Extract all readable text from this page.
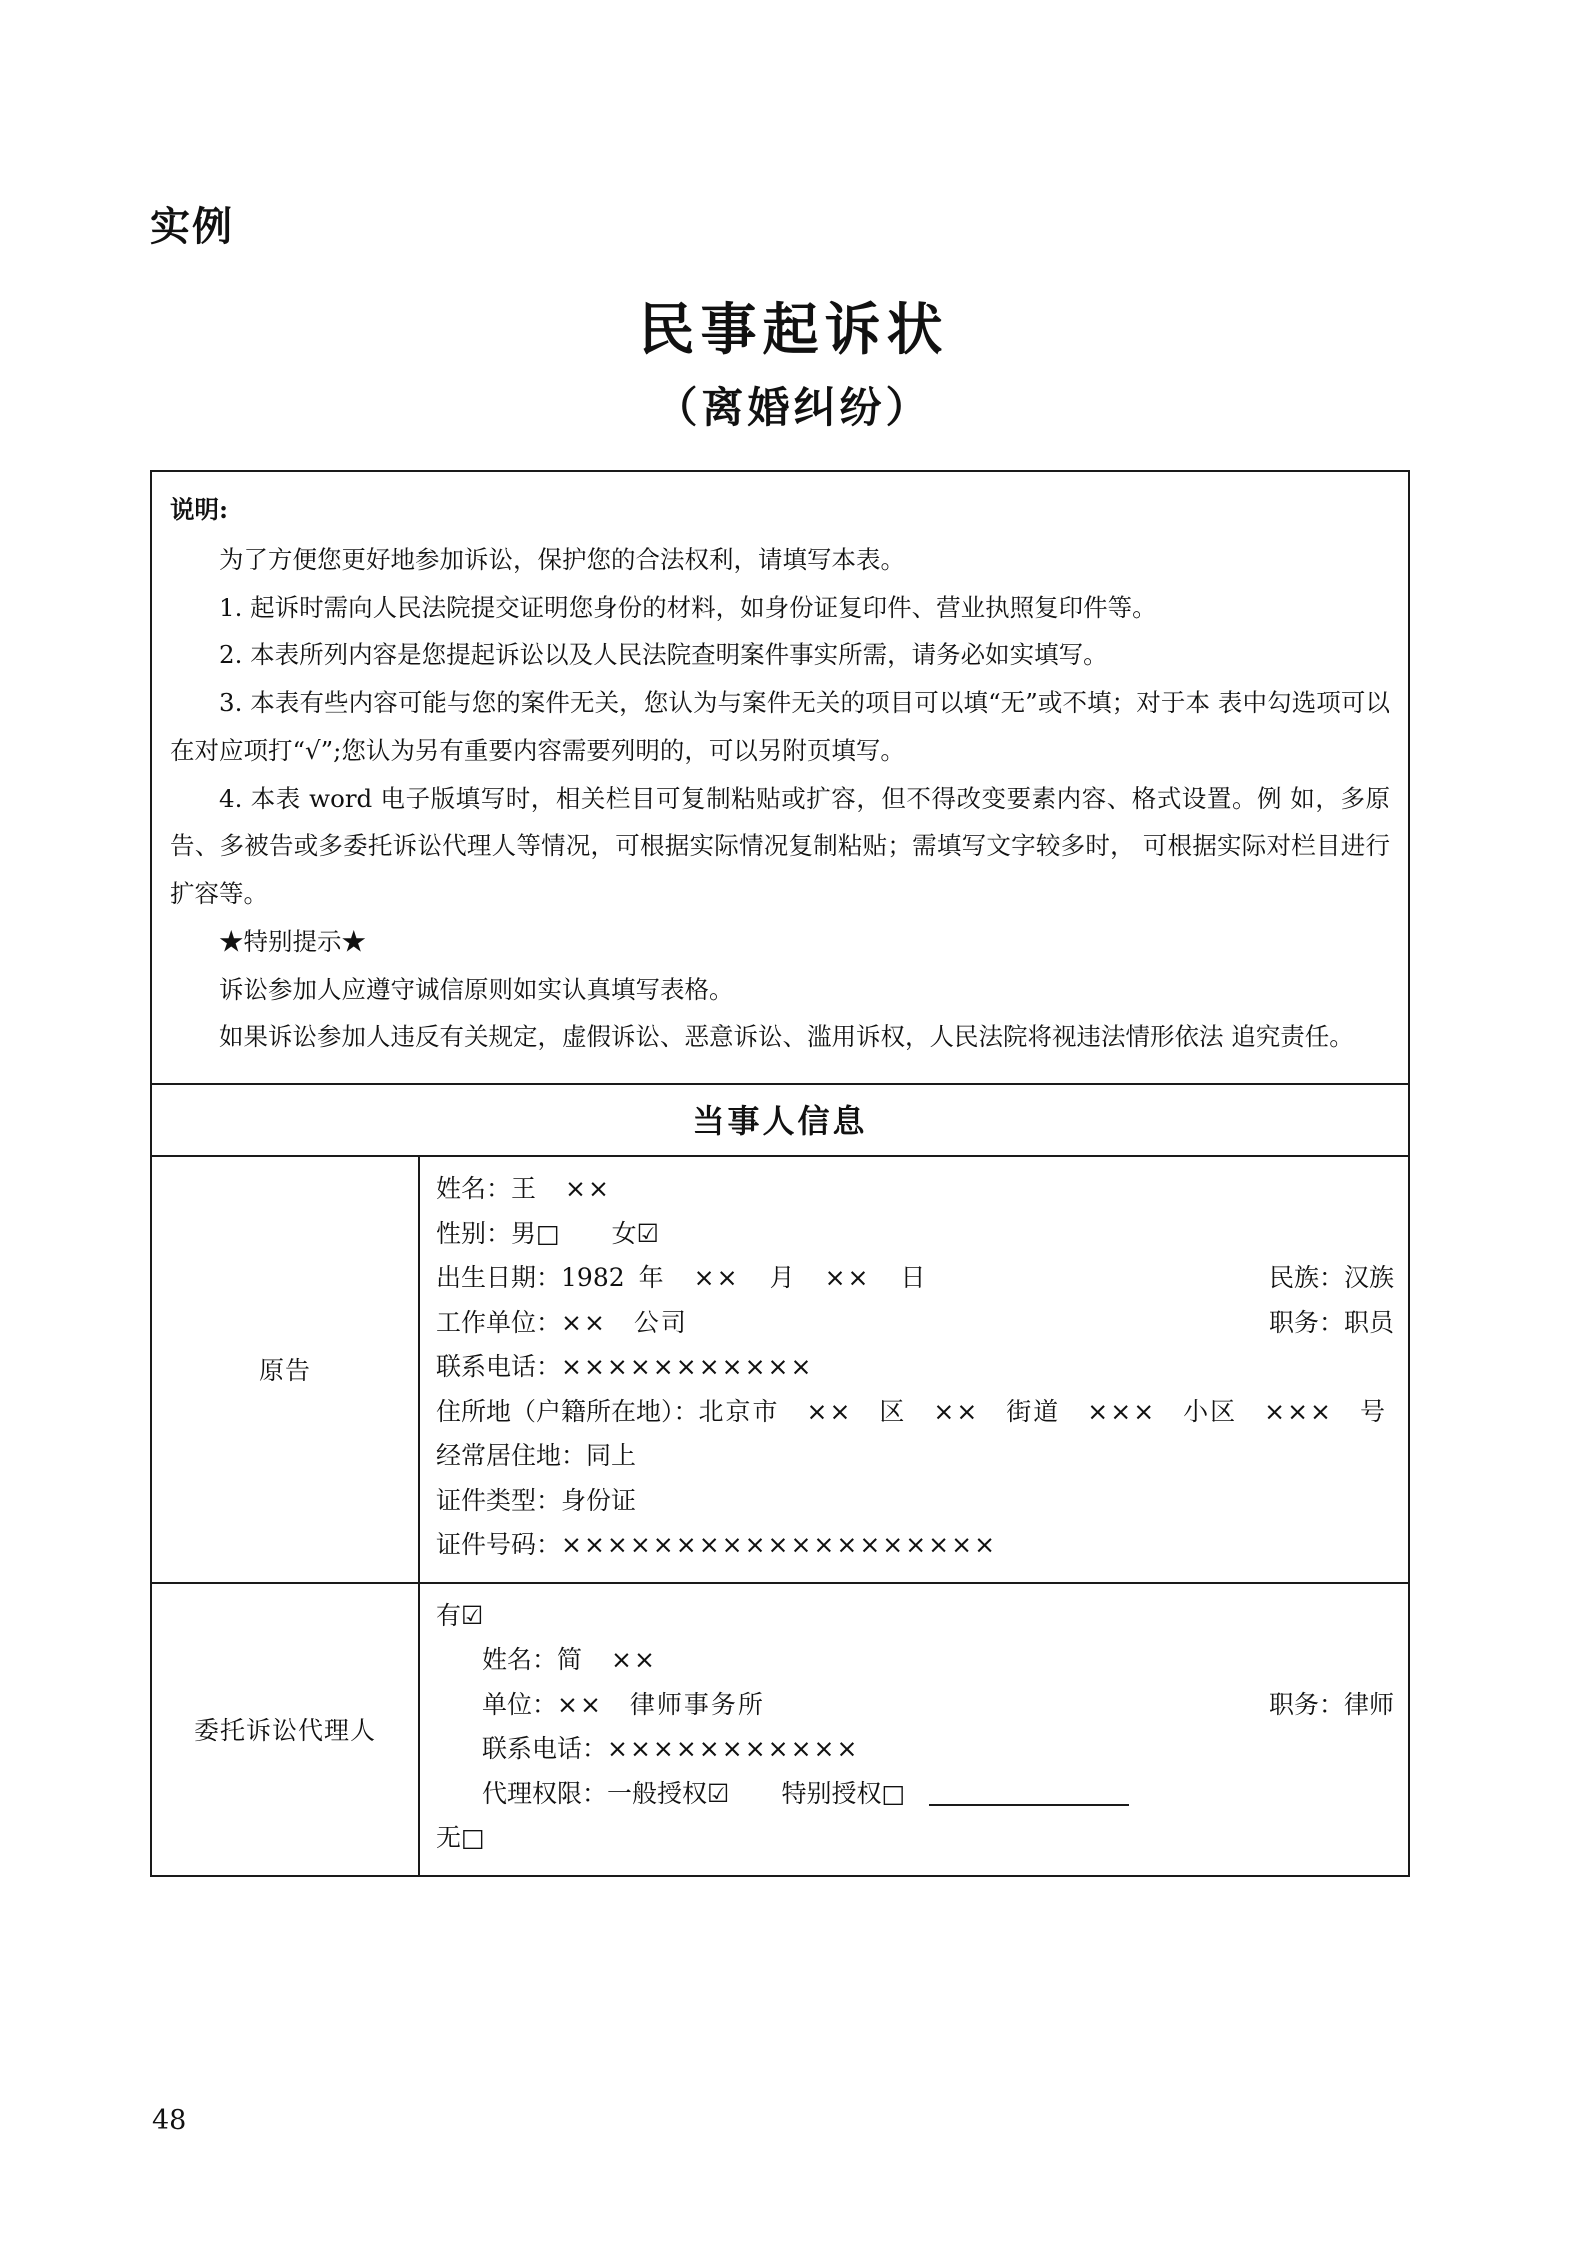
实例
民事起诉状
（离婚纠纷）

说明:

为了方便您更好地参加诉讼，保护您的合法权利，请填写本表。

1. 起诉时需向人民法院提交证明您身份的材料，如身份证复印件、营业执照复印件等。

2. 本表所列内容是您提起诉讼以及人民法院查明案件事实所需，请务必如实填写。

3. 本表有些内容可能与您的案件无关，您认为与案件无关的项目可以填“无”或不填；对于本 表中勾选项可以在对应项打“√”;您认为另有重要内容需要列明的，可以另附页填写。

4. 本表 word 电子版填写时，相关栏目可复制粘贴或扩容，但不得改变要素内容、格式设置。例 如，多原告、多被告或多委托诉讼代理人等情况，可根据实际情况复制粘贴；需填写文字较多时， 可根据实际对栏目进行扩容等。

★特别提示★

诉讼参加人应遵守诚信原则如实认真填写表格。

如果诉讼参加人违反有关规定，虚假诉讼、恶意诉讼、滥用诉权，人民法院将视违法情形依法 追究责任。

当事人信息
原告
姓名：王　××
性别：男□ 女☑
出生日期：1982 年 ×× 月 ×× 日	民族：汉族
工作单位：××　公司	职务：职员
联系电话：×××××××××××
住所地（户籍所在地）：北京市　××　区　××　街道　×××　小区　×××　号
经常居住地：同上
证件类型：身份证
证件号码：×××××××××××××××××××
委托诉讼代理人
有☑
姓名：简　××
单位：××　律师事务所	职务：律师
联系电话：×××××××××××
代理权限：一般授权☑ 特别授权□
无□
48
